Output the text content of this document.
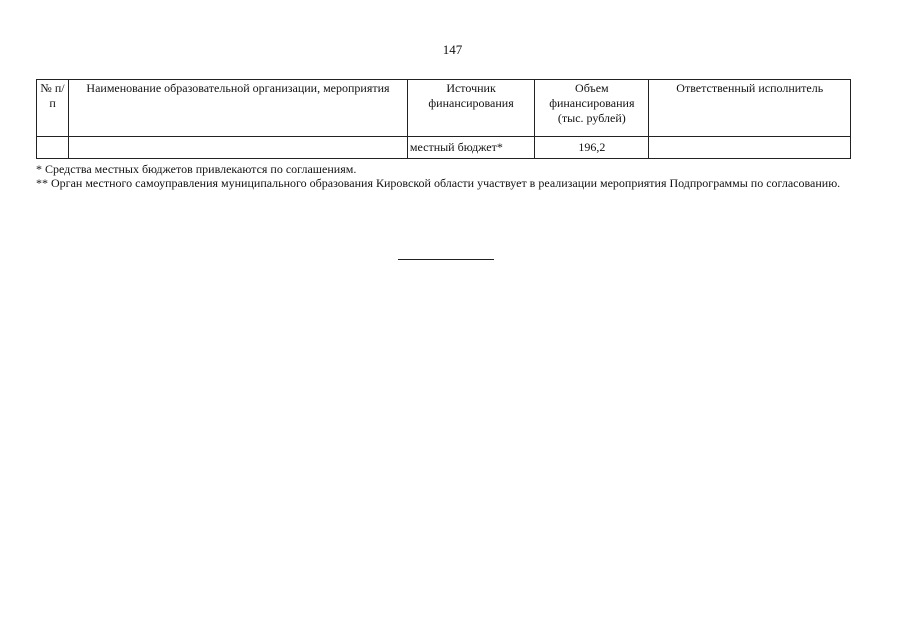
147
№ п/п	Наименование образовательной организации, мероприятия	Источник финансирования	Объем финансирования (тыс. рублей)	Ответственный исполнитель
		местный бюджет*	196,2	

* Средства местных бюджетов привлекаются по соглашениям.

** Орган местного самоуправления муниципального образования Кировской области участвует в реализации мероприятия Подпрограммы по согласованию.
